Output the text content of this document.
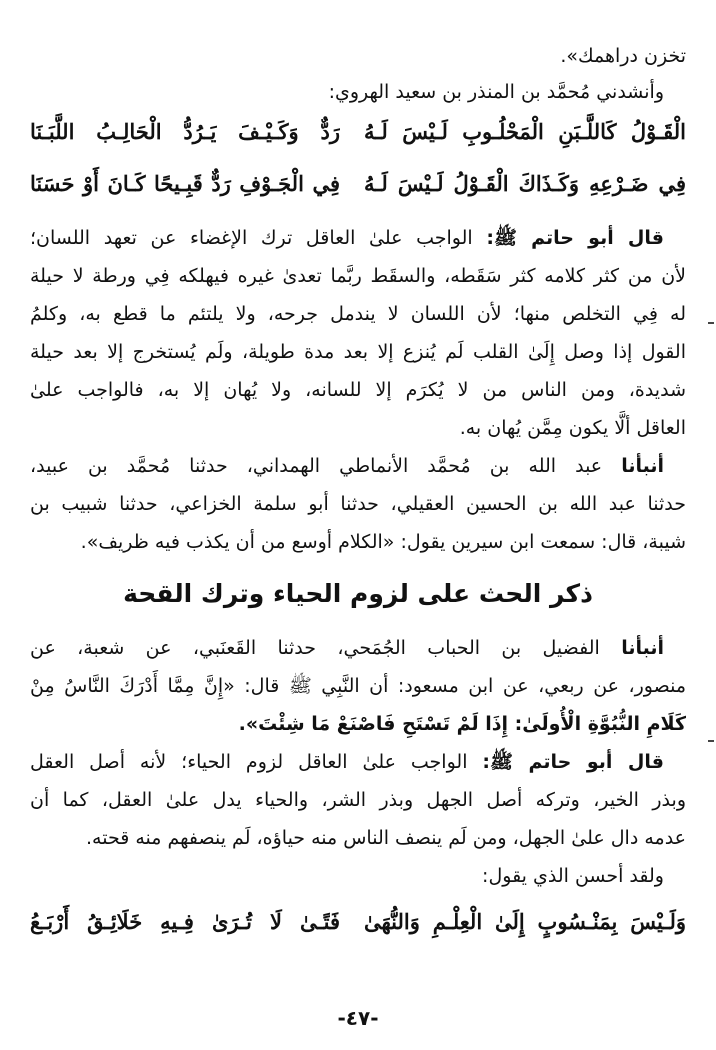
تخزن دراهمك».
وأنشدني مُحمَّد بن المنذر بن سعيد الهروي:
الْقَـوْلُ كَاللَّـبَنِ الْمَحْلُـوبِ لَـيْسَ لَـهُ
رَدٌّ وَكَـيْـفَ يَـرُدُّ الْحَالِـبُ اللَّبَـنَا
فِي ضَـرْعِهِ وَكَـذَاكَ الْقَـوْلُ لَـيْسَ لَـهُ
فِي الْجَـوْفِ رَدٌّ قَبِـيحًا كَـانَ أَوْ حَسَنَا
قال أبو حاتم ﷺ: الواجب علىٰ العاقل ترك الإغضاء عن تعهد اللسان؛
لأن من كثر كلامه كثر سَقَطه، والسقَط ربَّما تعدىٰ غيره فيهلكه فِي ورطة لا حيلة
له فِي التخلص منها؛ لأن اللسان لا يندمل جرحه، ولا يلتئم ما قطع به، وكلمُ
القول إذا وصل إِلَىٰ القلب لَم يُنزع إلا بعد مدة طويلة، ولَم يُستخرج إلا بعد حيلة
شديدة، ومن الناس من لا يُكرَم إلا للسانه، ولا يُهان إلا به، فالواجب علىٰ
العاقل ألَّا يكون مِمَّن يُهان به.
أنبأنا عبد الله بن مُحمَّد الأنماطي الهمداني، حدثنا مُحمَّد بن عبيد،
حدثنا عبد الله بن الحسين العقيلي، حدثنا أبو سلمة الخزاعي، حدثنا شبيب بن
شيبة، قال: سمعت ابن سيرين يقول: «الكلام أوسع من أن يكذب فيه ظريف».
ذكر الحث على لزوم الحياء وترك القحة
أنبأنا الفضيل بن الحباب الجُمَحي، حدثنا القَعنَبي، عن شعبة، عن
منصور، عن ربعي، عن ابن مسعود: أن النَّبِي ﷺ قال: «إِنَّ مِمَّا أَدْرَكَ النَّاسُ مِنْ
كَلَامِ النُّبُوَّةِ الْأُولَىٰ: إِذَا لَمْ تَسْتَحِ فَاصْنَعْ مَا شِئْتَ».
قال أبو حاتم ﷺ: الواجب علىٰ العاقل لزوم الحياء؛ لأنه أصل العقل
وبذر الخير، وتركه أصل الجهل وبذر الشر، والحياء يدل علىٰ العقل، كما أن
عدمه دال علىٰ الجهل، ومن لَم ينصف الناس منه حياؤه، لَم ينصفهم منه قحته.
ولقد أحسن الذي يقول:
وَلَـيْسَ بِمَنْـسُوبٍ إِلَىٰ الْعِلْـمِ وَالنُّهَىٰ
فَتًـىٰ لَا تُـرَىٰ فِـيهِ خَلَائِـقُ أَرْبَـعُ
-٤٧-
